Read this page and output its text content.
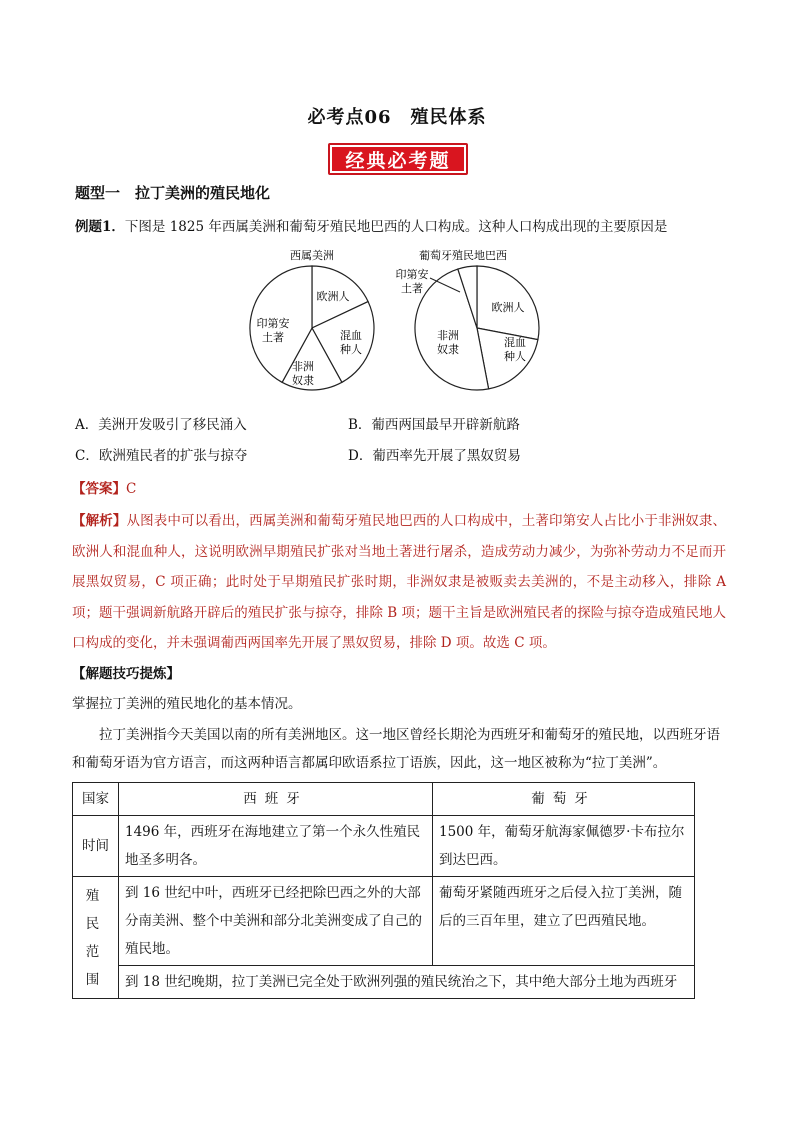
必考点06　殖民体系
经典必考题
题型一　拉丁美洲的殖民地化
例题1．下图是 1825 年西属美洲和葡萄牙殖民地巴西的人口构成。这种人口构成出现的主要原因是
西属美洲	葡萄牙殖民地巴西
欧洲人
混血
种人
非洲
奴隶
印第安
土著
欧洲人
混血
种人
非洲
奴隶
印第安
土著
A．美洲开发吸引了移民涌入	B．葡西两国最早开辟新航路
C．欧洲殖民者的扩张与掠夺	D．葡西率先开展了黑奴贸易
【答案】C
【解析】从图表中可以看出，西属美洲和葡萄牙殖民地巴西的人口构成中，土著印第安人占比小于非洲奴隶、欧洲人和混血种人，这说明欧洲早期殖民扩张对当地土著进行屠杀，造成劳动力减少，为弥补劳动力不足而开展黑奴贸易，C 项正确；此时处于早期殖民扩张时期，非洲奴隶是被贩卖去美洲的，不是主动移入，排除 A 项；题干强调新航路开辟后的殖民扩张与掠夺，排除 B 项；题干主旨是欧洲殖民者的探险与掠夺造成殖民地人口构成的变化，并未强调葡西两国率先开展了黑奴贸易，排除 D 项。故选 C 项。
【解题技巧提炼】
掌握拉丁美洲的殖民地化的基本情况。
拉丁美洲指今天美国以南的所有美洲地区。这一地区曾经长期沦为西班牙和葡萄牙的殖民地，以西班牙语和葡萄牙语为官方语言，而这两种语言都属印欧语系拉丁语族，因此，这一地区被称为“拉丁美洲”。
国家	西班牙	葡萄牙
时间	1496 年，西班牙在海地建立了第一个永久性殖民地圣多明各。	1500 年，葡萄牙航海家佩德罗·卡布拉尔到达巴西。
殖民范围	到 16 世纪中叶，西班牙已经把除巴西之外的大部分南美洲、整个中美洲和部分北美洲变成了自己的殖民地。	葡萄牙紧随西班牙之后侵入拉丁美洲，随后的三百年里，建立了巴西殖民地。
	到 18 世纪晚期，拉丁美洲已完全处于欧洲列强的殖民统治之下，其中绝大部分土地为西班牙	
